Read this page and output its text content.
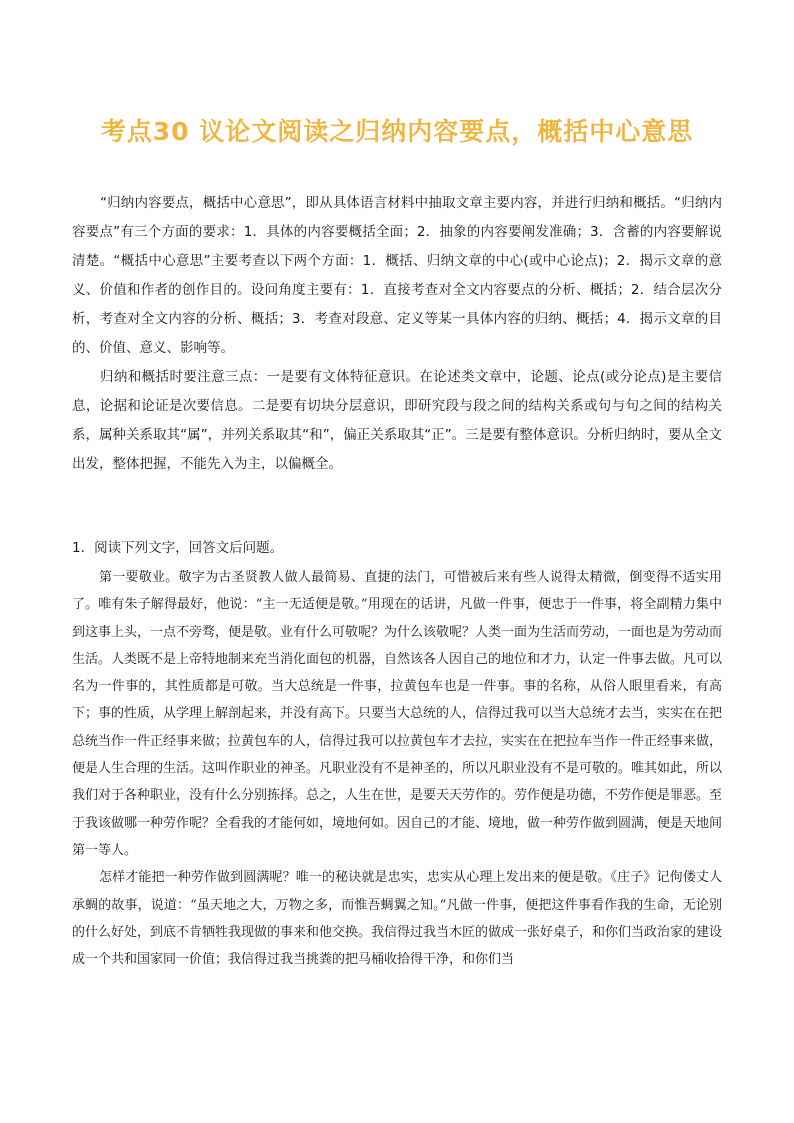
考点30 议论文阅读之归纳内容要点，概括中心意思

“归纳内容要点，概括中心意思”，即从具体语言材料中抽取文章主要内容，并进行归纳和概括。“归纳内容要点”有三个方面的要求：1．具体的内容要概括全面；2．抽象的内容要阐发准确；3．含蓄的内容要解说清楚。“概括中心意思”主要考查以下两个方面：1．概括、归纳文章的中心(或中心论点)；2．揭示文章的意义、价值和作者的创作目的。设问角度主要有：1．直接考查对全文内容要点的分析、概括；2．结合层次分析，考查对全文内容的分析、概括；3．考查对段意、定义等某一具体内容的归纳、概括；4．揭示文章的目的、价值、意义、影响等。

归纳和概括时要注意三点：一是要有文体特征意识。在论述类文章中，论题、论点(或分论点)是主要信息，论据和论证是次要信息。二是要有切块分层意识，即研究段与段之间的结构关系或句与句之间的结构关系，属种关系取其“属”，并列关系取其“和”，偏正关系取其“正”。三是要有整体意识。分析归纳时，要从全文出发，整体把握，不能先入为主，以偏概全。

1．阅读下列文字，回答文后问题。

第一要敬业。敬字为古圣贤教人做人最简易、直捷的法门，可惜被后来有些人说得太精微，倒变得不适实用了。唯有朱子解得最好，他说：“主一无适便是敬。”用现在的话讲，凡做一件事，便忠于一件事，将全副精力集中到这事上头，一点不旁骛，便是敬。业有什么可敬呢？为什么该敬呢？人类一面为生活而劳动，一面也是为劳动而生活。人类既不是上帝特地制来充当消化面包的机器，自然该各人因自己的地位和才力，认定一件事去做。凡可以名为一件事的，其性质都是可敬。当大总统是一件事，拉黄包车也是一件事。事的名称，从俗人眼里看来，有高下；事的性质，从学理上解剖起来，并没有高下。只要当大总统的人，信得过我可以当大总统才去当，实实在在把总统当作一件正经事来做；拉黄包车的人，信得过我可以拉黄包车才去拉，实实在在把拉车当作一件正经事来做，便是人生合理的生活。这叫作职业的神圣。凡职业没有不是神圣的，所以凡职业没有不是可敬的。唯其如此，所以我们对于各种职业，没有什么分别拣择。总之，人生在世，是要天天劳作的。劳作便是功德，不劳作便是罪恶。至于我该做哪一种劳作呢？全看我的才能何如，境地何如。因自己的才能、境地，做一种劳作做到圆满，便是天地间第一等人。

怎样才能把一种劳作做到圆满呢？唯一的秘诀就是忠实，忠实从心理上发出来的便是敬。《庄子》记佝偻丈人承蜩的故事，说道：“虽天地之大，万物之多，而惟吾蜩翼之知。”凡做一件事，便把这件事看作我的生命，无论别的什么好处，到底不肯牺牲我现做的事来和他交换。我信得过我当木匠的做成一张好桌子，和你们当政治家的建设成一个共和国家同一价值；我信得过我当挑粪的把马桶收拾得干净，和你们当
